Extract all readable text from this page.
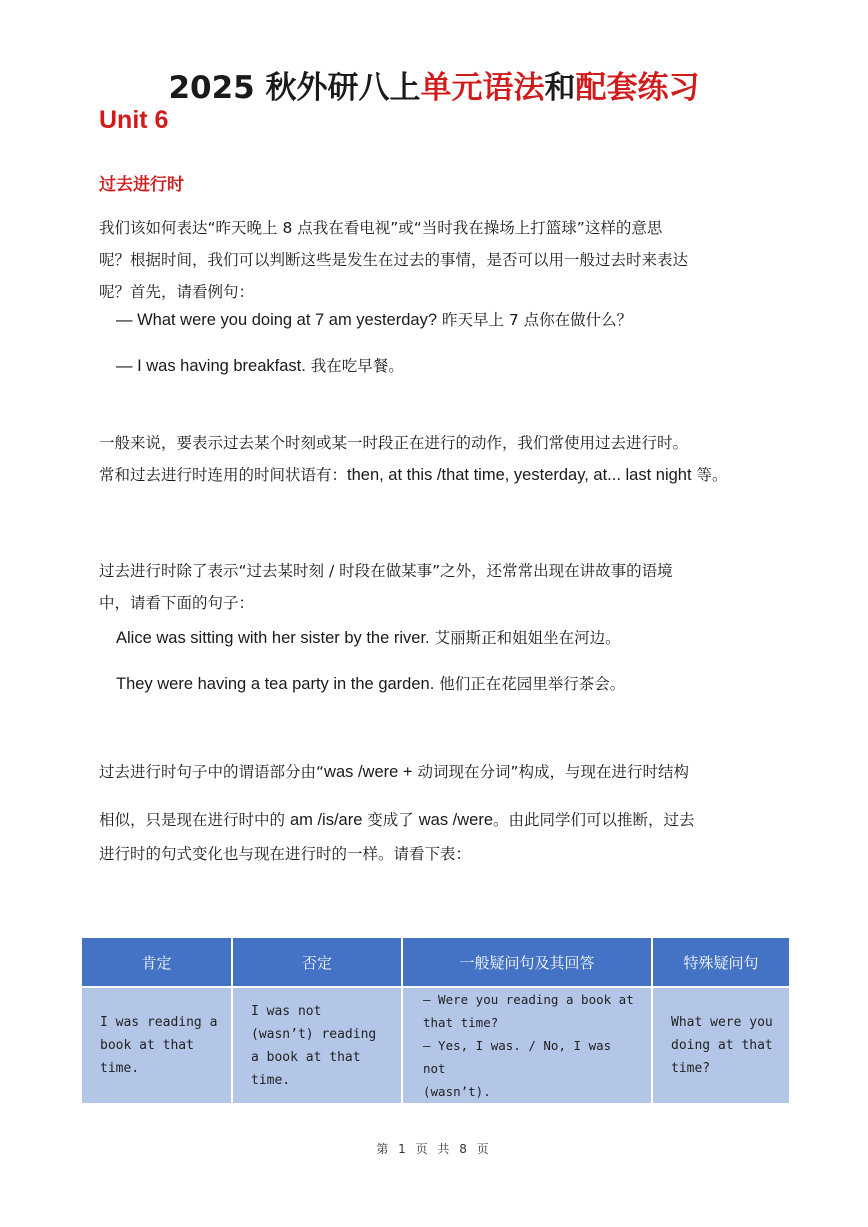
2025 秋外研八上单元语法和配套练习
Unit 6
过去进行时
我们该如何表达“昨天晚上 8 点我在看电视”或“当时我在操场上打篮球”这样的意思
呢？根据时间，我们可以判断这些是发生在过去的事情，是否可以用一般过去时来表达
呢？首先，请看例句：
— What were you doing at 7 am yesterday? 昨天早上 7 点你在做什么？
— I was having breakfast. 我在吃早餐。
一般来说，要表示过去某个时刻或某一时段正在进行的动作，我们常使用过去进行时。
常和过去进行时连用的时间状语有：then, at this /that time, yesterday, at... last night 等。
过去进行时除了表示“过去某时刻 / 时段在做某事”之外，还常常出现在讲故事的语境
中，请看下面的句子：
Alice was sitting with her sister by the river. 艾丽斯正和姐姐坐在河边。
They were having a tea party in the garden. 他们正在花园里举行茶会。
过去进行时句子中的谓语部分由“was /were + 动词现在分词”构成，与现在进行时结构
相似，只是现在进行时中的 am /is/are 变成了 was /were。由此同学们可以推断，过去
进行时的句式变化也与现在进行时的一样。请看下表：
肯定	否定	一般疑问句及其回答	特殊疑问句

I was reading a
book at that
time.	I was not
(wasn’t) reading
a book at that
time.	— Were you reading a book at
that time?
— Yes, I was. / No, I was not
(wasn’t).	What were you
doing at that
time?
第 1 页 共 8 页
